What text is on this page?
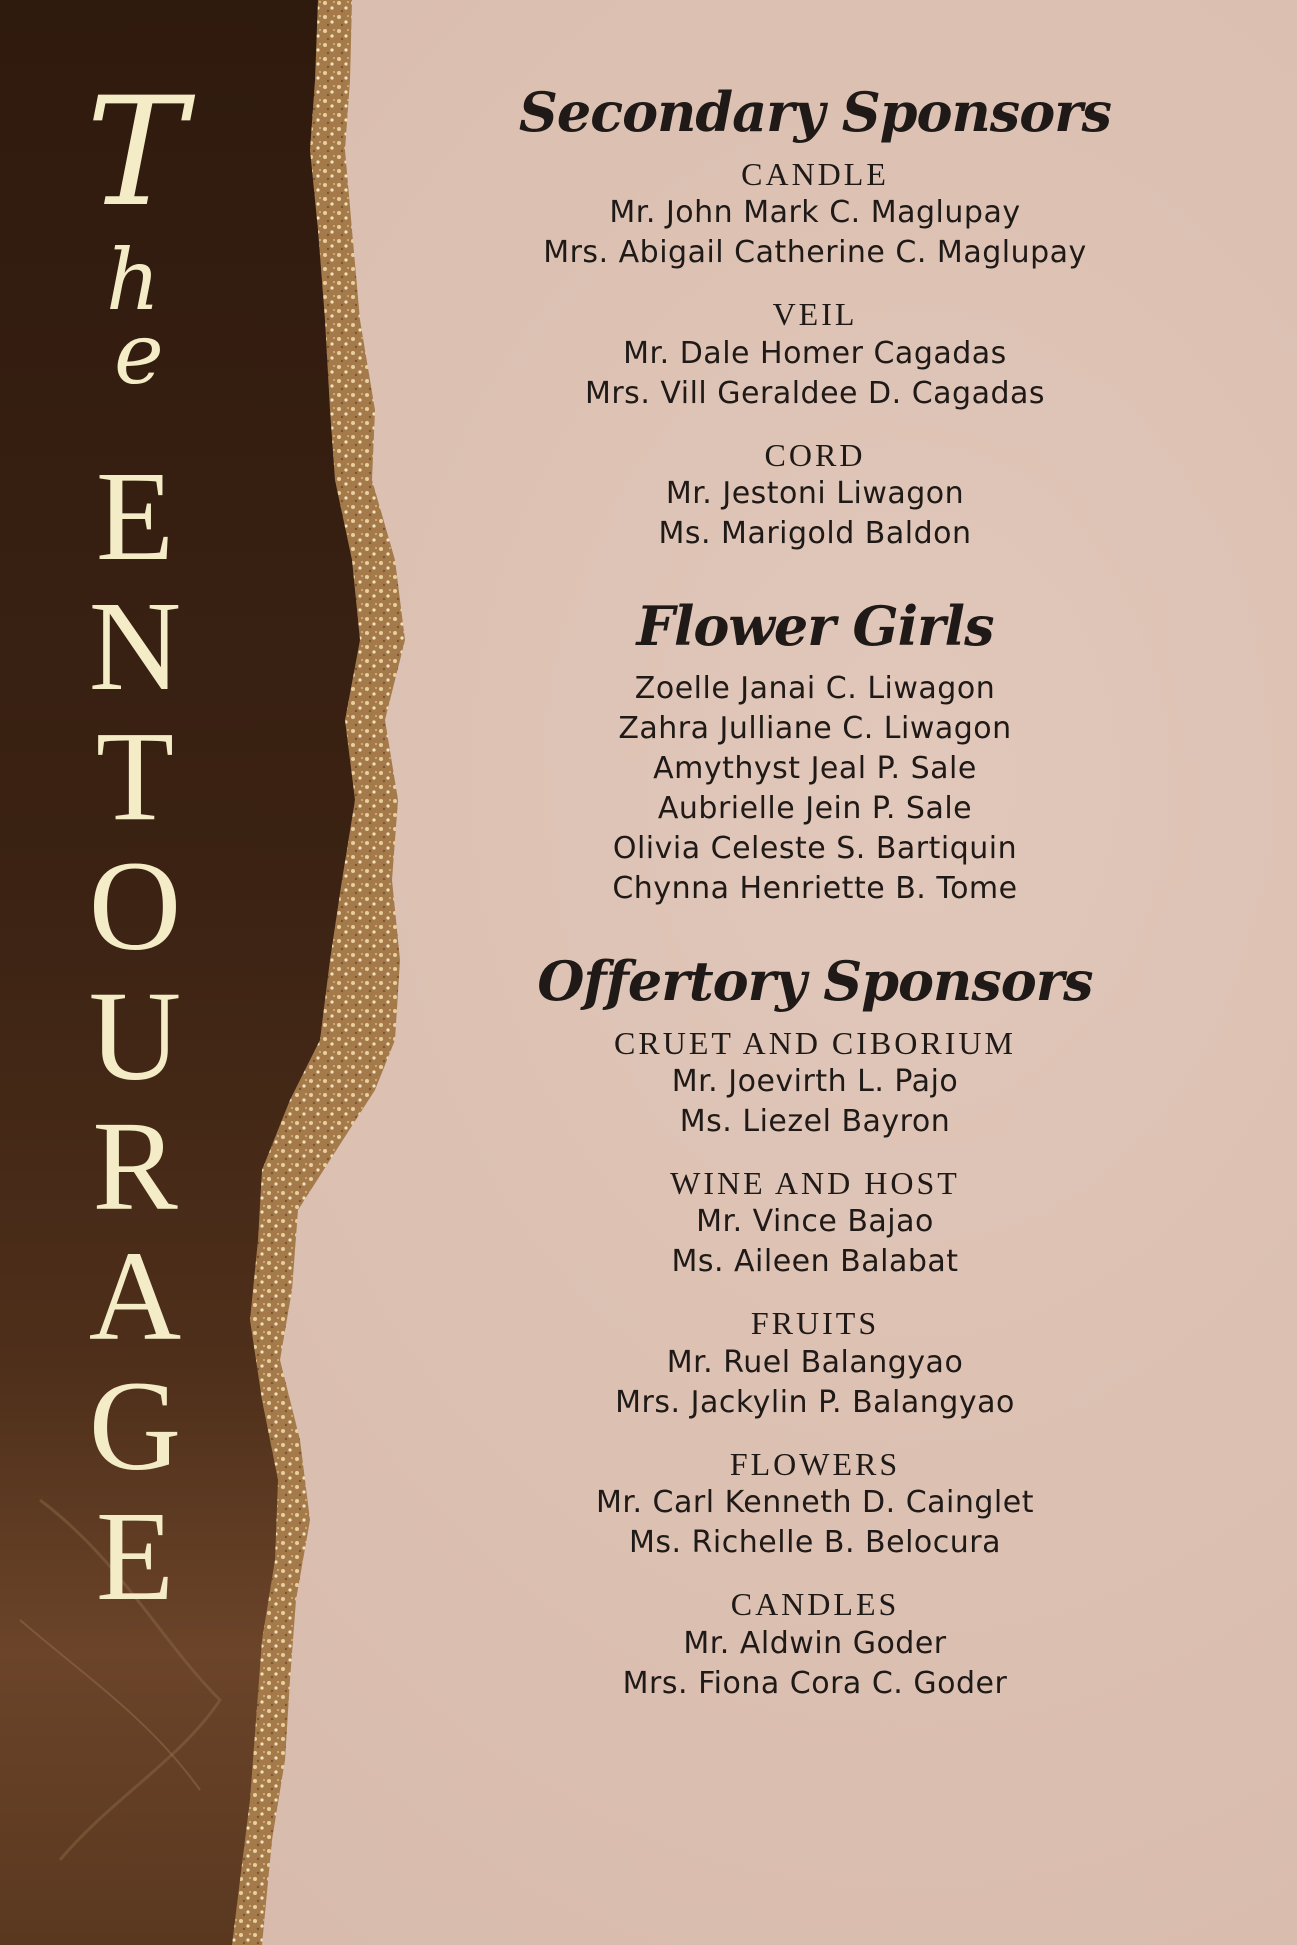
T
h
e
E
N
T
O
U
R
A
G
E
Secondary Sponsors

CANDLE

Mr. John Mark C. Maglupay

Mrs. Abigail Catherine C. Maglupay

VEIL

Mr. Dale Homer Cagadas

Mrs. Vill Geraldee D. Cagadas

CORD

Mr. Jestoni Liwagon

Ms. Marigold Baldon

Flower Girls

Zoelle Janai C. Liwagon

Zahra Julliane C. Liwagon

Amythyst Jeal P. Sale

Aubrielle Jein P. Sale

Olivia Celeste S. Bartiquin

Chynna Henriette B. Tome

Offertory Sponsors

CRUET AND CIBORIUM

Mr. Joevirth L. Pajo

Ms. Liezel Bayron

WINE AND HOST

Mr. Vince Bajao

Ms. Aileen Balabat

FRUITS

Mr. Ruel Balangyao

Mrs. Jackylin P. Balangyao

FLOWERS

Mr. Carl Kenneth D. Cainglet

Ms. Richelle B. Belocura

CANDLES

Mr. Aldwin Goder

Mrs. Fiona Cora C. Goder
